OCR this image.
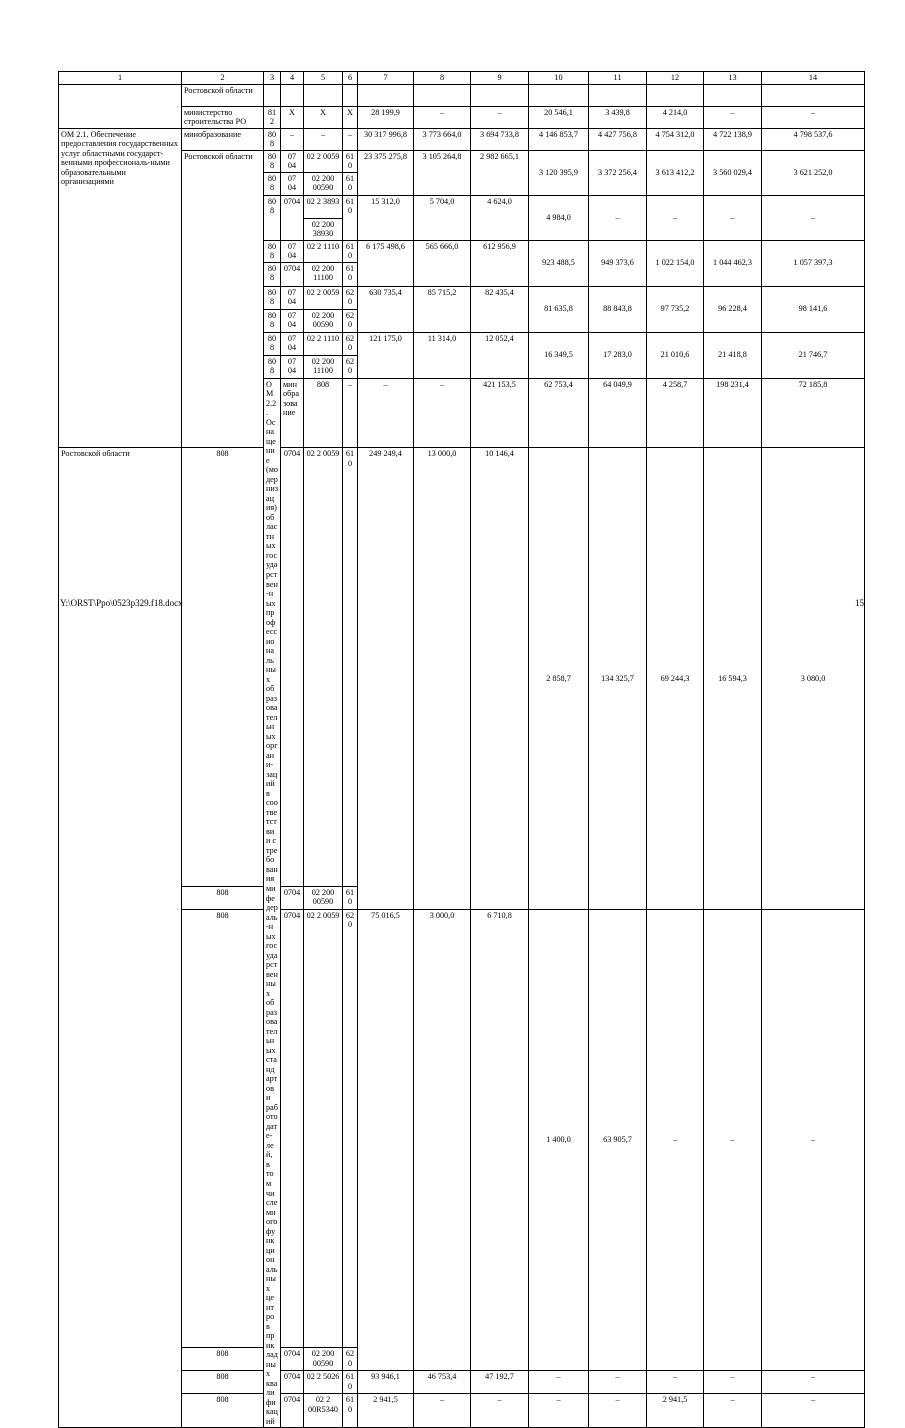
1	2	3	4	5	6	7	8	9	10	11	12	13	14	
	Ростовской области													
	министерство строительства РО	812	X	X	X	28 199,9	–	–	20 546,1	3 439,8	4 214,0	–	–	
ОМ 2.1. Обеспечение предоставления государственных услуг областными государст-венными профессиональ-ными образовательными организациями	минобразование	808	–	–	–	30 317 996,8	3 773 664,0	3 694 733,8	4 146 853,7	4 427 756,8	4 754 312,0	4 722 138,9	4 798 537,6	
	Ростовской области	808	07 04	02 2 0059	610	23 375 275,8	3 105 264,8	2 982 665,1	3 120 395,9	3 372 256,4	3 613 412,2	3 560 029,4	3 621 252,0	
		808	07 04	02 200 00590	610									
		808	0704	02 2 3893	610	15 312,0	5 704,0	4 624,0	4 984,0	–	–	–	–	
				02 200 38930										
		808	07 04	02 2 1110	610	6 175 498,6	565 666,0	612 956,9	923 488,5	949 373,6	1 022 154,0	1 044 462,3	1 057 397,3	
		808	0704	02 200 11100	610									
		808	07 04	02 2 0059	620	630 735,4	85 715,2	82 435,4	81 635,8	88 843,8	97 735,2	96 228,4	98 141,6	
		808	07 04	02 200 00590	620									
		808	07 04	02 2 1110	620	121 175,0	11 314,0	12 052,4	16 349,5	17 283,0	21 010,6	21 418,8	21 746,7	
		808	07 04	02 200 11100	620									
		ОМ 2.2. Оснащение (модернизация) областных государствен-ных профессиональных образовательных органи-заций в соответствии с требованиями федераль-ных государственных образовательных стандартов и работодате-лей, в том числе многофункциональных центров прикладных квалификаций	минобразование	808	–	–	–	421 153,5	62 753,4	64 049,9	4 258,7	198 231,4	72 185,8		
Ростовской области	808		0704	02 2 0059	610	249 249,4	13 000,0	10 146,4	2 858,7	134 325,7	69 244,3	16 594,3	3 080,0	
	808		0704	02 200 00590	610									
	808		0704	02 2 0059	620	75 016,5	3 000,0	6 710,8	1 400,0	63 905,7	–	–	–	
	808		0704	02 200 00590	620									
	808		0704	02 2 5026	610	93 946,1	46 753,4	47 192,7	–	–	–	–	–	
	808		0704	02 2 00R5340	610	2 941,5	–	–	–	–	2 941,5	–	–	
Y:\ORST\Ppo\0523p329.f18.docx	15
